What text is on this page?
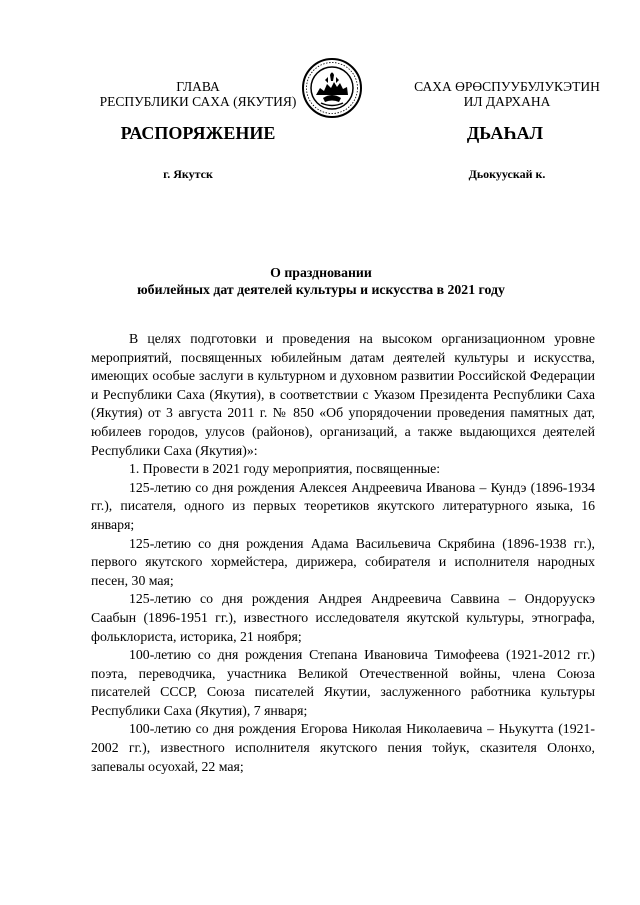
ГЛАВА
РЕСПУБЛИКИ САХА (ЯКУТИЯ)
САХА ӨРӨСПУУБУЛУКЭТИН
ИЛ ДАРХАНА
РАСПОРЯЖЕНИЕ	ДЬАҺАЛ
г. Якутск	Дьокуускай к.
О праздновании
юбилейных дат деятелей культуры и искусства в 2021 году

В целях подготовки и проведения на высоком организационном уровне мероприятий, посвященных юбилейным датам деятелей культуры и искусства, имеющих особые заслуги в культурном и духовном развитии Российской Федерации и Республики Саха (Якутия), в соответствии с Указом Президента Республики Саха (Якутия) от 3 августа 2011 г. № 850 «Об упорядочении проведения памятных дат, юбилеев городов, улусов (районов), организаций, а также выдающихся деятелей Республики Саха (Якутия)»:

1. Провести в 2021 году мероприятия, посвященные:

125-летию со дня рождения Алексея Андреевича Иванова – Кундэ (1896-1934 гг.), писателя, одного из первых теоретиков якутского литературного языка, 16 января;

125-летию со дня рождения Адама Васильевича Скрябина (1896-1938 гг.), первого якутского хормейстера, дирижера, собирателя и исполнителя народных песен, 30 мая;

125-летию со дня рождения Андрея Андреевича Саввина – Ондоруускэ Саабын (1896-1951 гг.), известного исследователя якутской культуры, этнографа, фольклориста, историка, 21 ноября;

100-летию со дня рождения Степана Ивановича Тимофеева (1921-2012 гг.) поэта, переводчика, участника Великой Отечественной войны, члена Союза писателей СССР, Союза писателей Якутии, заслуженного работника культуры Республики Саха (Якутия), 7 января;

100-летию со дня рождения Егорова Николая Николаевича – Ньукутта (1921-2002 гг.), известного исполнителя якутского пения тойук, сказителя Олонхо, запевалы осуохай, 22 мая;
